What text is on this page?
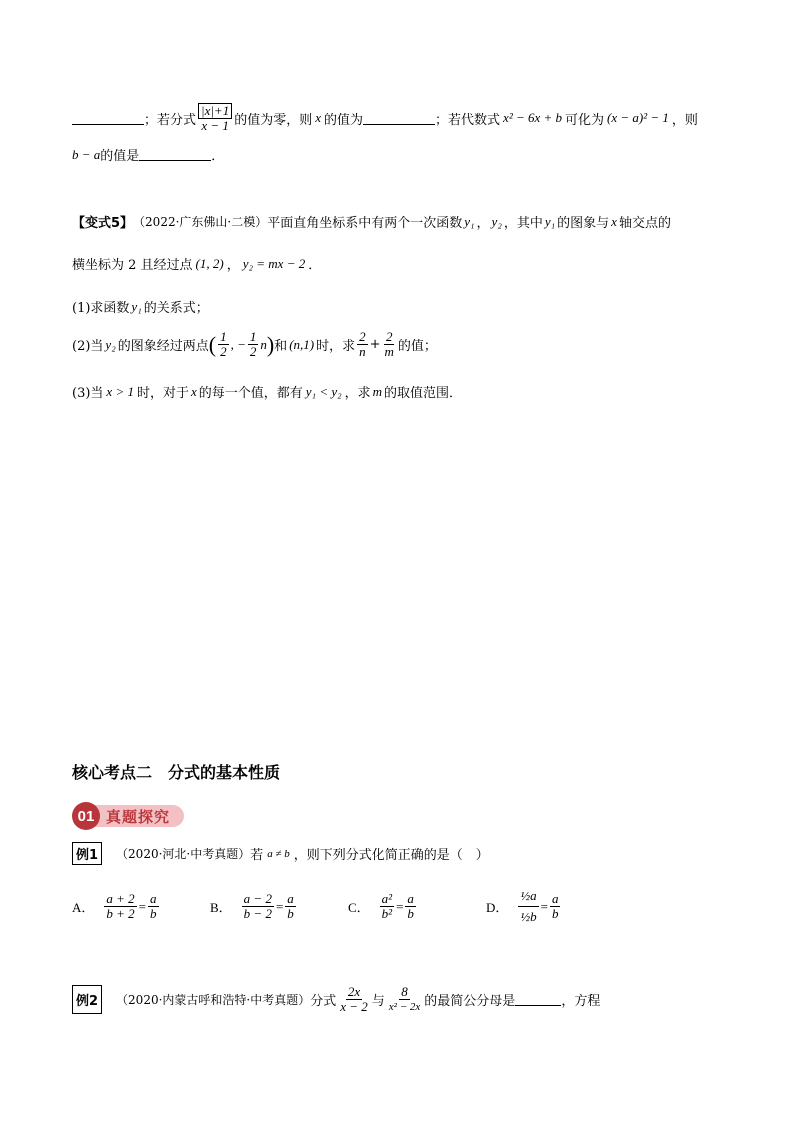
；若分式 $\frac{|x|+1}{x - 1}$ 的值为零，则 x 的值为	；若代数式 x² − 6x + b 可化为 (x − a)² − 1 ，则
b − a 的值是	．
【变式5】 （2022·广东佛山·二模） 平面直角坐标系中有两个一次函数 y₁ ， y₂ ，其中 y₁ 的图象与 x 轴交点的
横坐标为 2 且经过点 (1, 2) ， y₂ = mx − 2 ．
(1)求函数 y₁ 的关系式；
(2)当 y₂ 的图象经过两点 ( $\frac{1}{2}$ , − $\frac{1}{2}$ n ) 和 (n,1) 时，求 $\frac{2}{n} + \frac{2}{m}$ 的值；
(3)当 x > 1 时，对于 x 的每一个值，都有 y₁ < y₂ ，求 m 的取值范围．
核心考点二　分式的基本性质
01 真题探究
例1	（2020·河北·中考真题） 若 a ≠ b ，则下列分式化简正确的是（　）
A． $\frac{a + 2}{b + 2} = \frac{a}{b}$	B． $\frac{a - 2}{b - 2} = \frac{a}{b}$	C． $\frac{\text{a²}}{\text{b²}} = \frac{a}{b}$	D． $\frac{\text{½a}}{\text{½b}} = \frac{a}{b}$
例2	（2020·内蒙古呼和浩特·中考真题） 分式 $\frac{2x}{x - 2}$ 与 $\frac{8}{\text{x² − 2x}}$ 的最简公分母是	，方程
